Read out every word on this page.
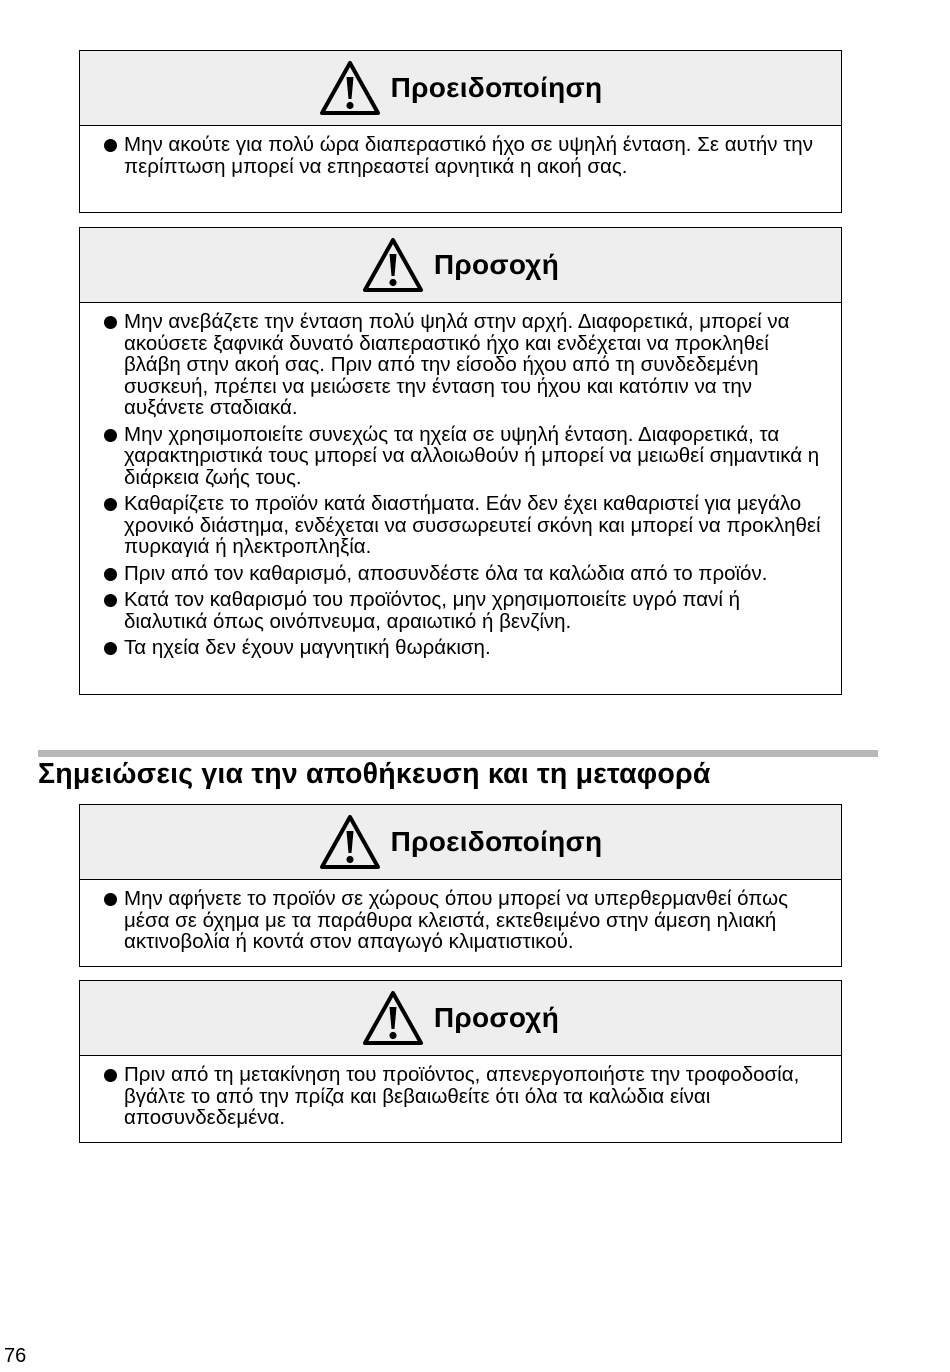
Προειδοποίηση
Μην ακούτε για πολύ ώρα διαπεραστικό ήχο σε υψηλή ένταση. Σε αυτήν την περίπτωση μπορεί να επηρεαστεί αρνητικά η ακοή σας.
Προσοχή
Μην ανεβάζετε την ένταση πολύ ψηλά στην αρχή. Διαφορετικά, μπορεί να ακούσετε ξαφνικά δυνατό διαπεραστικό ήχο και ενδέχεται να προκληθεί βλάβη στην ακοή σας. Πριν από την είσοδο ήχου από τη συνδεδεμένη συσκευή, πρέπει να μειώσετε την ένταση του ήχου και κατόπιν να την αυξάνετε σταδιακά.
Μην χρησιμοποιείτε συνεχώς τα ηχεία σε υψηλή ένταση. Διαφορετικά, τα χαρακτηριστικά τους μπορεί να αλλοιωθούν ή μπορεί να μειωθεί σημαντικά η διάρκεια ζωής τους.
Καθαρίζετε το προϊόν κατά διαστήματα. Εάν δεν έχει καθαριστεί για μεγάλο χρονικό διάστημα, ενδέχεται να συσσωρευτεί σκόνη και μπορεί να προκληθεί πυρκαγιά ή ηλεκτροπληξία.
Πριν από τον καθαρισμό, αποσυνδέστε όλα τα καλώδια από το προϊόν.
Κατά τον καθαρισμό του προϊόντος, μην χρησιμοποιείτε υγρό πανί ή διαλυτικά όπως οινόπνευμα, αραιωτικό ή βενζίνη.
Τα ηχεία δεν έχουν μαγνητική θωράκιση.
Σημειώσεις για την αποθήκευση και τη μεταφορά
Προειδοποίηση
Μην αφήνετε το προϊόν σε χώρους όπου μπορεί να υπερθερμανθεί όπως μέσα σε όχημα με τα παράθυρα κλειστά, εκτεθειμένο στην άμεση ηλιακή ακτινοβολία ή κοντά στον απαγωγό κλιματιστικού.
Προσοχή
Πριν από τη μετακίνηση του προϊόντος, απενεργοποιήστε την τροφοδοσία, βγάλτε το από την πρίζα και βεβαιωθείτε ότι όλα τα καλώδια είναι αποσυνδεδεμένα.
76
